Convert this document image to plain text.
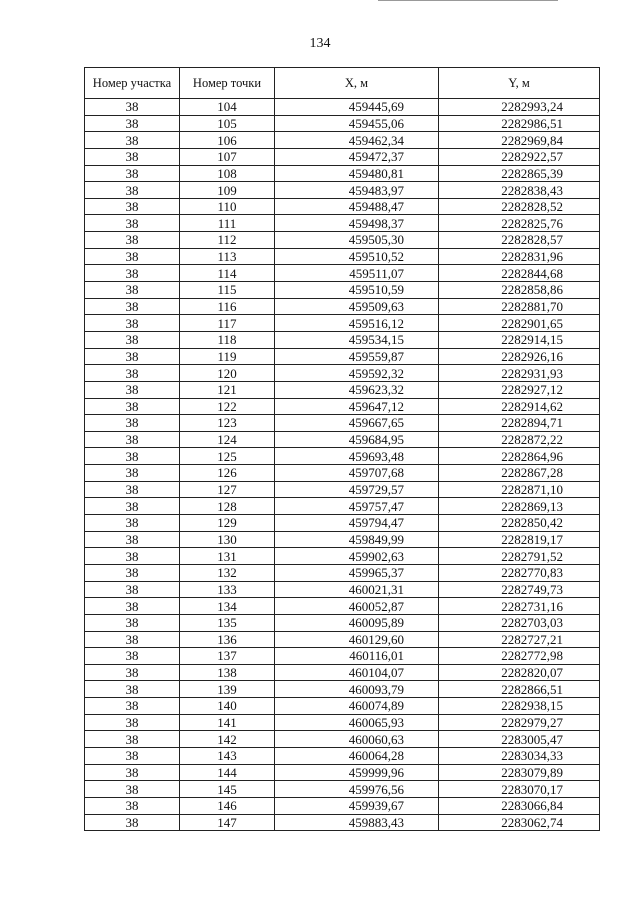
134
Номер участка	Номер точки	X, м	Y, м
38	104	459445,69	2282993,24
38	105	459455,06	2282986,51
38	106	459462,34	2282969,84
38	107	459472,37	2282922,57
38	108	459480,81	2282865,39
38	109	459483,97	2282838,43
38	110	459488,47	2282828,52
38	111	459498,37	2282825,76
38	112	459505,30	2282828,57
38	113	459510,52	2282831,96
38	114	459511,07	2282844,68
38	115	459510,59	2282858,86
38	116	459509,63	2282881,70
38	117	459516,12	2282901,65
38	118	459534,15	2282914,15
38	119	459559,87	2282926,16
38	120	459592,32	2282931,93
38	121	459623,32	2282927,12
38	122	459647,12	2282914,62
38	123	459667,65	2282894,71
38	124	459684,95	2282872,22
38	125	459693,48	2282864,96
38	126	459707,68	2282867,28
38	127	459729,57	2282871,10
38	128	459757,47	2282869,13
38	129	459794,47	2282850,42
38	130	459849,99	2282819,17
38	131	459902,63	2282791,52
38	132	459965,37	2282770,83
38	133	460021,31	2282749,73
38	134	460052,87	2282731,16
38	135	460095,89	2282703,03
38	136	460129,60	2282727,21
38	137	460116,01	2282772,98
38	138	460104,07	2282820,07
38	139	460093,79	2282866,51
38	140	460074,89	2282938,15
38	141	460065,93	2282979,27
38	142	460060,63	2283005,47
38	143	460064,28	2283034,33
38	144	459999,96	2283079,89
38	145	459976,56	2283070,17
38	146	459939,67	2283066,84
38	147	459883,43	2283062,74
